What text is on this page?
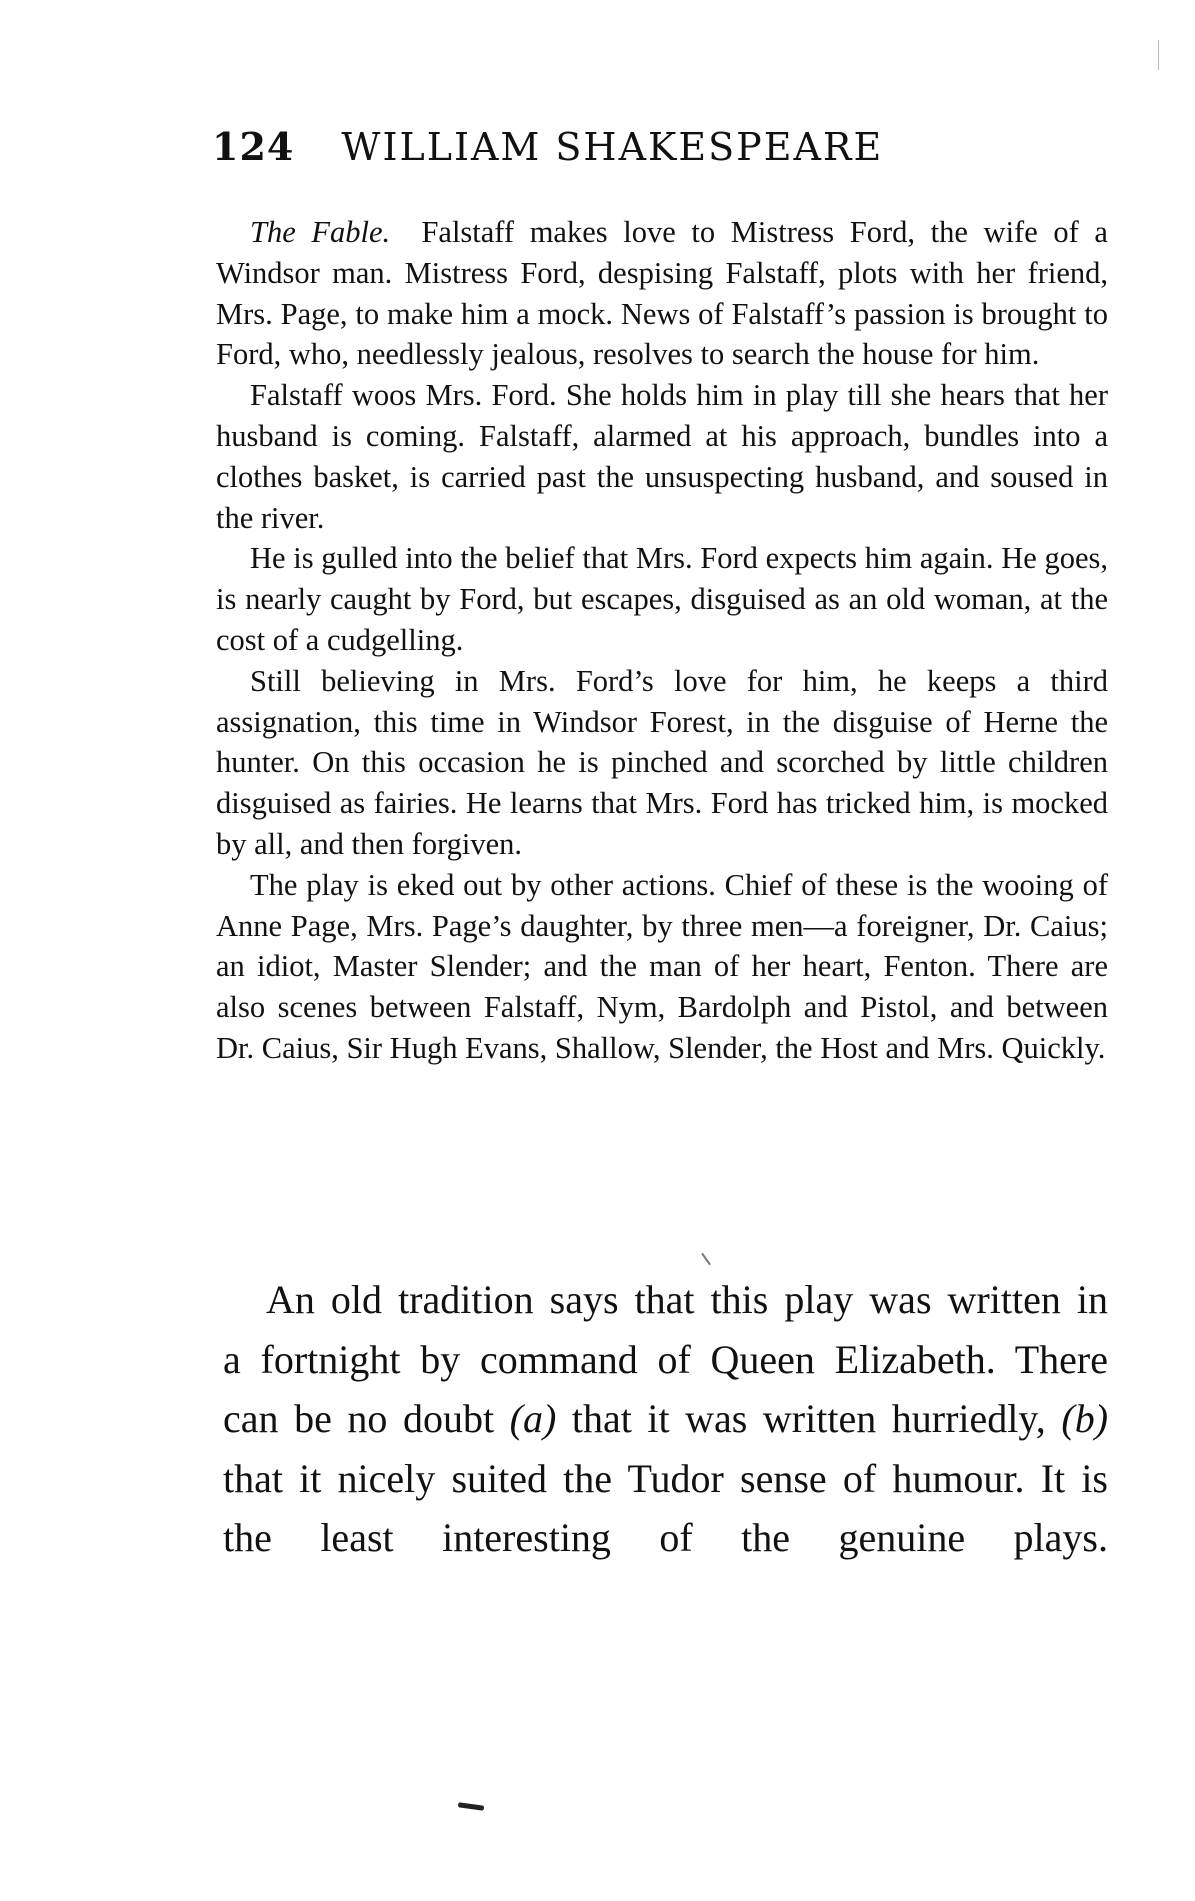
124 WILLIAM SHAKESPEARE

The Fable. Falstaff makes love to Mistress Ford, the wife of a Windsor man. Mistress Ford, despising Falstaff, plots with her friend, Mrs. Page, to make him a mock. News of Falstaff’s passion is brought to Ford, who, needlessly jealous, resolves to search the house for him.

Falstaff woos Mrs. Ford. She holds him in play till she hears that her husband is coming. Falstaff, alarmed at his approach, bundles into a clothes basket, is carried past the unsuspecting husband, and soused in the river.

He is gulled into the belief that Mrs. Ford expects him again. He goes, is nearly caught by Ford, but escapes, disguised as an old woman, at the cost of a cudgelling.

Still believing in Mrs. Ford’s love for him, he keeps a third assignation, this time in Windsor Forest, in the disguise of Herne the hunter. On this occasion he is pinched and scorched by little children disguised as fairies. He learns that Mrs. Ford has tricked him, is mocked by all, and then forgiven.

The play is eked out by other actions. Chief of these is the wooing of Anne Page, Mrs. Page’s daughter, by three men—a foreigner, Dr. Caius; an idiot, Master Slender; and the man of her heart, Fenton. There are also scenes between Falstaff, Nym, Bardolph and Pistol, and between Dr. Caius, Sir Hugh Evans, Shallow, Slender, the Host and Mrs. Quickly.

An old tradition says that this play was written in a fortnight by command of Queen Elizabeth. There can be no doubt (a) that it was written hurriedly, (b) that it nicely suited the Tudor sense of humour. It is the least interesting of the genuine plays.
